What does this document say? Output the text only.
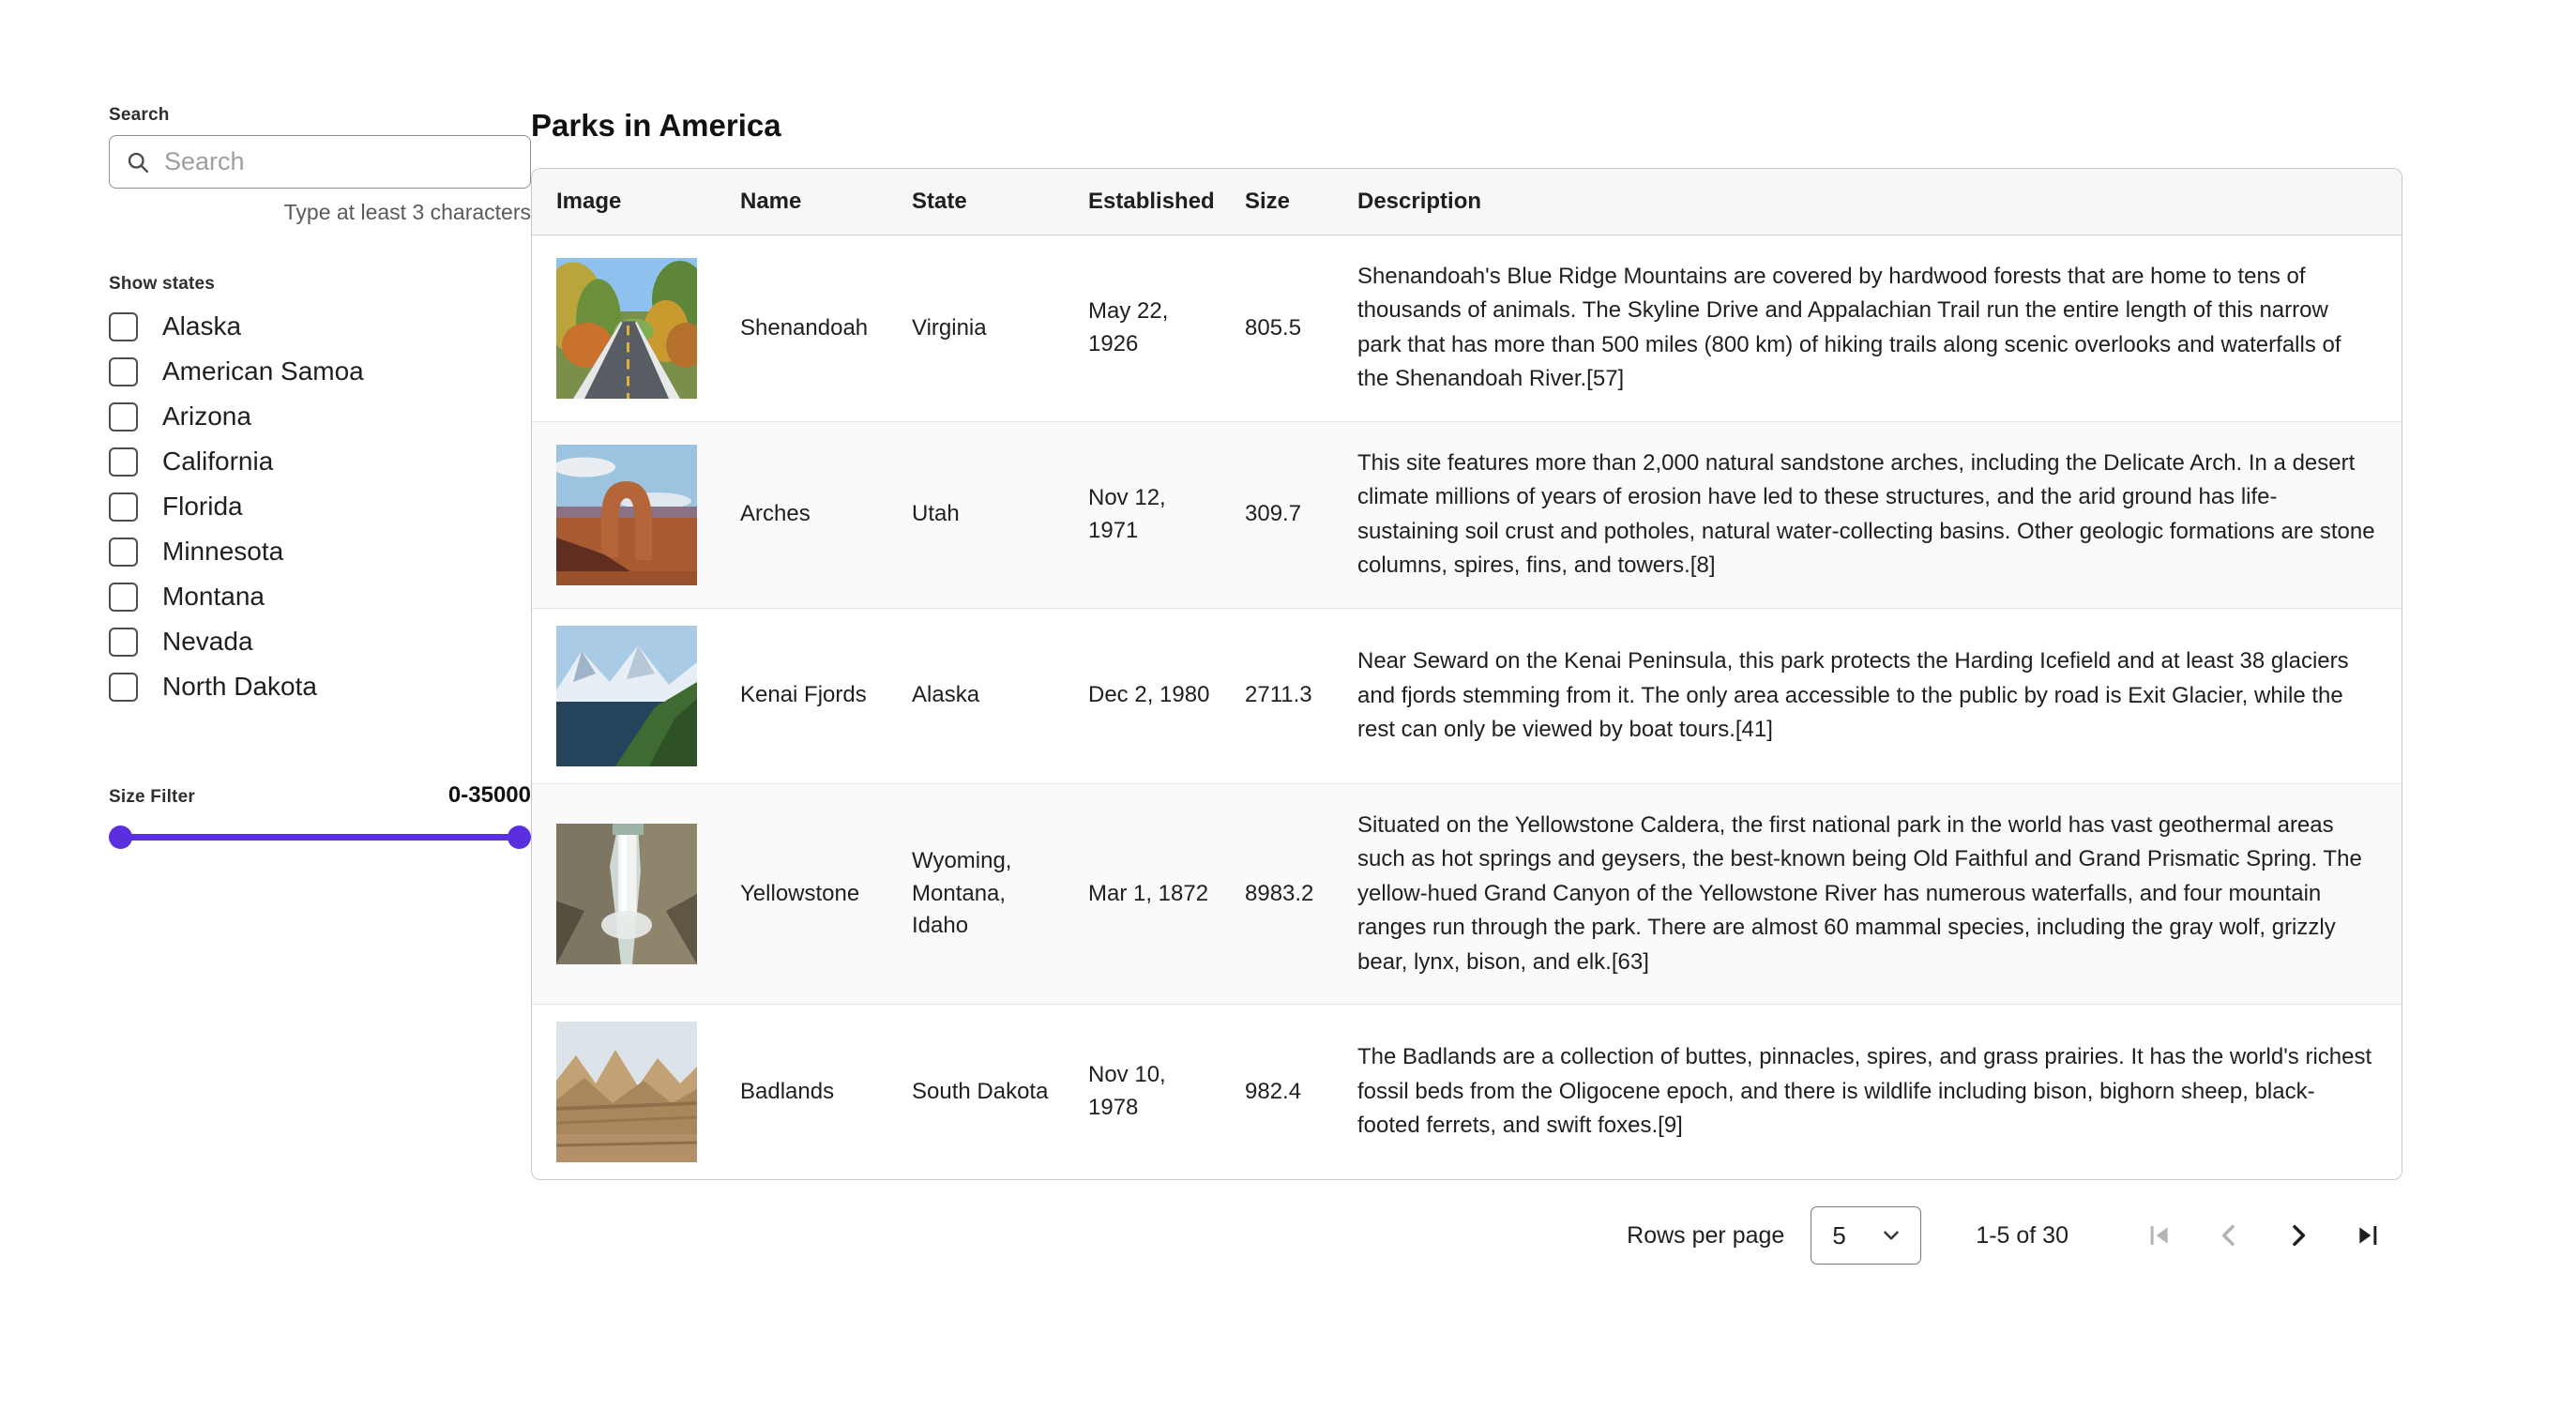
Search
Search
Type at least 3 characters
Show states
Alaska
American Samoa
Arizona
California
Florida
Minnesota
Montana
Nevada
North Dakota
Size Filter	0-35000
Parks in America
Image	Name	State	Established	Size	Description

	Shenandoah	Virginia	May 22, 1926	805.5	Shenandoah's Blue Ridge Mountains are covered by hardwood forests that are home to tens of thousands of animals. The Skyline Drive and Appalachian Trail run the entire length of this narrow park that has more than 500 miles (800 km) of hiking trails along scenic overlooks and waterfalls of the Shenandoah River.[57]

	Arches	Utah	Nov 12, 1971	309.7	This site features more than 2,000 natural sandstone arches, including the Delicate Arch. In a desert climate millions of years of erosion have led to these structures, and the arid ground has life-sustaining soil crust and potholes, natural water-collecting basins. Other geologic formations are stone columns, spires, fins, and towers.[8]

	Kenai Fjords	Alaska	Dec 2, 1980	2711.3	Near Seward on the Kenai Peninsula, this park protects the Harding Icefield and at least 38 glaciers and fjords stemming from it. The only area accessible to the public by road is Exit Glacier, while the rest can only be viewed by boat tours.[41]

	Yellowstone	Wyoming, Montana, Idaho	Mar 1, 1872	8983.2	Situated on the Yellowstone Caldera, the first national park in the world has vast geothermal areas such as hot springs and geysers, the best-known being Old Faithful and Grand Prismatic Spring. The yellow-hued Grand Canyon of the Yellowstone River has numerous waterfalls, and four mountain ranges run through the park. There are almost 60 mammal species, including the gray wolf, grizzly bear, lynx, bison, and elk.[63]

	Badlands	South Dakota	Nov 10, 1978	982.4	The Badlands are a collection of buttes, pinnacles, spires, and grass prairies. It has the world's richest fossil beds from the Oligocene epoch, and there is wildlife including bison, bighorn sheep, black-footed ferrets, and swift foxes.[9]
Rows per page 5	1-5 of 30
